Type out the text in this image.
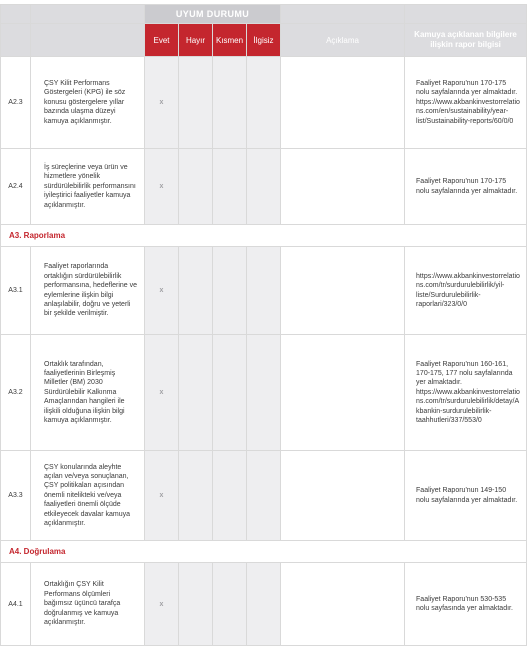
		UYUM DURUMU					
		Evet	Hayır	Kısmen	İlgisiz	Açıklama	Kamuya açıklanan bilgilere ilişkin rapor bilgisi
A2.3	ÇSY Kilit Performans Göstergeleri (KPG) ile söz konusu göstergelere yıllar bazında ulaşma düzeyi kamuya açıklanmıştır.	x					Faaliyet Raporu'nun 170-175 nolu sayfalarında yer almaktadır. https://www.akbankinvestorrelations.com/en/sustainability/year-list/Sustainability-reports/60/0/0
A2.4	İş süreçlerine veya ürün ve hizmetlere yönelik sürdürülebilirlik performansını iyileştirici faaliyetler kamuya açıklanmıştır.	x					Faaliyet Raporu'nun 170-175 nolu sayfalarında yer almaktadır.
A3. Raporlama							
A3.1	Faaliyet raporlarında ortaklığın sürdürülebilirlik performansına, hedeflerine ve eylemlerine ilişkin bilgi anlaşılabilir, doğru ve yeterli bir şekilde verilmiştir.	x					https://www.akbankinvestorrelations.com/tr/surdurulebilirlik/yil-liste/Surdurulebilirlik-raporlari/323/0/0
A3.2	Ortaklık tarafından, faaliyetlerinin Birleşmiş Milletler (BM) 2030 Sürdürülebilir Kalkınma Amaçlarından hangileri ile ilişkili olduğuna ilişkin bilgi kamuya açıklanmıştır.	x					Faaliyet Raporu'nun 160-161, 170-175, 177 nolu sayfalarında yer almaktadır. https://www.akbankinvestorrelations.com/tr/surdurulebilirlik/detay/Akbankin-surdurulebilirlik-taahhutleri/337/553/0
A3.3	ÇSY konularında aleyhte açılan ve/veya sonuçlanan, ÇSY politikaları açısından önemli nitelikteki ve/veya faaliyetleri önemli ölçüde etkileyecek davalar kamuya açıklanmıştır.	x					Faaliyet Raporu'nun 149-150 nolu sayfalarında yer almaktadır.
A4. Doğrulama							
A4.1	Ortaklığın ÇSY Kilit Performans ölçümleri bağımsız üçüncü tarafça doğrulanmış ve kamuya açıklanmıştır.	x					Faaliyet Raporu'nun 530-535 nolu sayfasında yer almaktadır.
